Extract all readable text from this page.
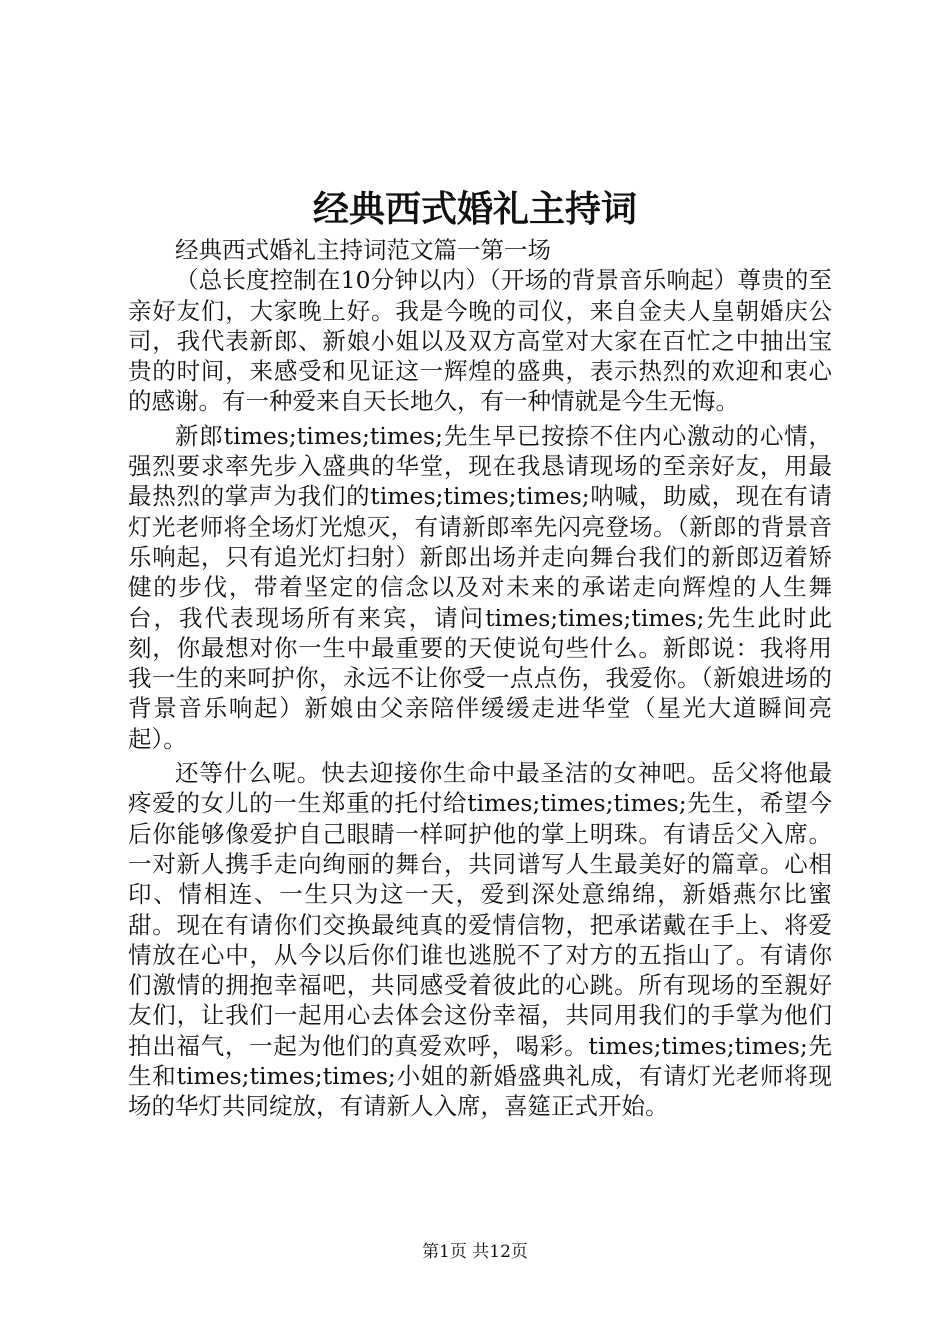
经典西式婚礼主持词

经典西式婚礼主持词范文篇一第一场

（总长度控制在10分钟以内）（开场的背景音乐响起）尊贵的至亲好友们，大家晚上好。我是今晚的司仪，来自金夫人皇朝婚庆公司，我代表新郎、新娘小姐以及双方高堂对大家在百忙之中抽出宝贵的时间，来感受和见证这一辉煌的盛典，表示热烈的欢迎和衷心的感谢。有一种爱来自天长地久，有一种情就是今生无悔。

新郎times;times;times;先生早已按捺不住内心激动的心情，强烈要求率先步入盛典的华堂，现在我恳请现场的至亲好友，用最最热烈的掌声为我们的times;times;times;呐喊，助威，现在有请灯光老师将全场灯光熄灭，有请新郎率先闪亮登场。（新郎的背景音乐响起，只有追光灯扫射）新郎出场并走向舞台我们的新郎迈着矫健的步伐，带着坚定的信念以及对未来的承诺走向辉煌的人生舞台，我代表现场所有来宾，请问times;times;times;先生此时此刻，你最想对你一生中最重要的天使说句些什么。新郎说：我将用我一生的来呵护你，永远不让你受一点点伤，我爱你。（新娘进场的背景音乐响起）新娘由父亲陪伴缓缓走进华堂（星光大道瞬间亮起）。

还等什么呢。快去迎接你生命中最圣洁的女神吧。岳父将他最疼爱的女儿的一生郑重的托付给times;times;times;先生，希望今后你能够像爱护自己眼睛一样呵护他的掌上明珠。有请岳父入席。一对新人携手走向绚丽的舞台，共同谱写人生最美好的篇章。心相印、情相连、一生只为这一天，爱到深处意绵绵，新婚燕尔比蜜甜。现在有请你们交换最纯真的爱情信物，把承诺戴在手上、将爱情放在心中，从今以后你们谁也逃脱不了对方的五指山了。有请你们激情的拥抱幸福吧，共同感受着彼此的心跳。所有现场的至親好友们，让我们一起用心去体会这份幸福，共同用我们的手掌为他们拍出福气，一起为他们的真爱欢呼，喝彩。times;times;times;先生和times;times;times;小姐的新婚盛典礼成，有请灯光老师将现场的华灯共同绽放，有请新人入席，喜筵正式开始。

第1页 共12页
